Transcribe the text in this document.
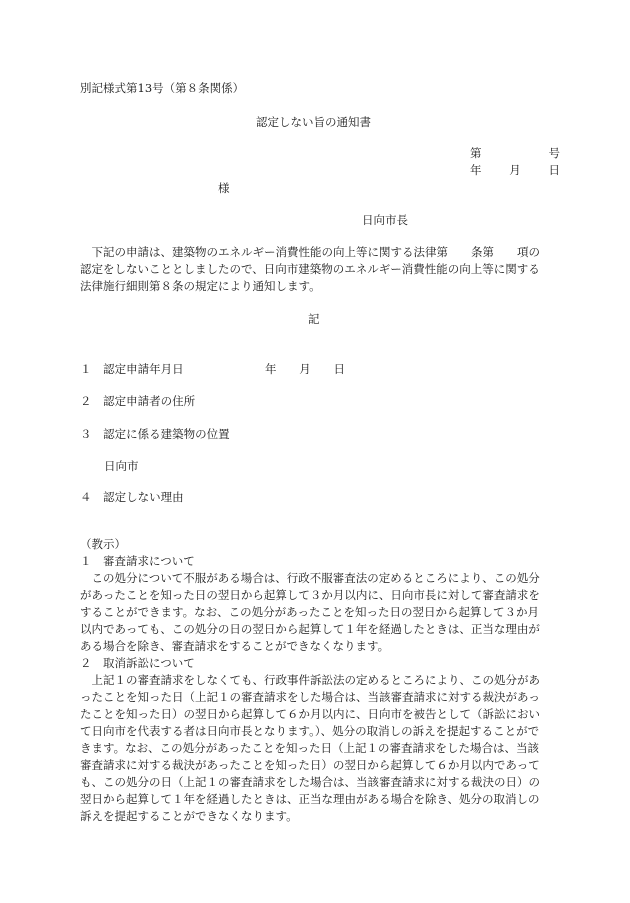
別記様式第13号（第８条関係）
認定しない旨の通知書
第	号
年 月 日
様
日向市長

下記の申請は、建築物のエネルギー消費性能の向上等に関する法律第　　条第　　項の認定をしないこととしましたので、日向市建築物のエネルギー消費性能の向上等に関する法律施行細則第８条の規定により通知します。

記
１ 認定申請年月日	年 月 日
２ 認定申請者の住所
３ 認定に係る建築物の位置
日向市
４ 認定しない理由
（教示）
１　審査請求について

この処分について不服がある場合は、行政不服審査法の定めるところにより、この処分があったことを知った日の翌日から起算して３か月以内に、日向市長に対して審査請求をすることができます。なお、この処分があったことを知った日の翌日から起算して３か月以内であっても、この処分の日の翌日から起算して１年を経過したときは、正当な理由がある場合を除き、審査請求をすることができなくなります。

２　取消訴訟について

上記１の審査請求をしなくても、行政事件訴訟法の定めるところにより、この処分があったことを知った日（上記１の審査請求をした場合は、当該審査請求に対する裁決があったことを知った日）の翌日から起算して６か月以内に、日向市を被告として（訴訟において日向市を代表する者は日向市長となります。）、処分の取消しの訴えを提起することができます。なお、この処分があったことを知った日（上記１の審査請求をした場合は、当該審査請求に対する裁決があったことを知った日）の翌日から起算して６か月以内であっても、この処分の日（上記１の審査請求をした場合は、当該審査請求に対する裁決の日）の翌日から起算して１年を経過したときは、正当な理由がある場合を除き、処分の取消しの訴えを提起することができなくなります。
